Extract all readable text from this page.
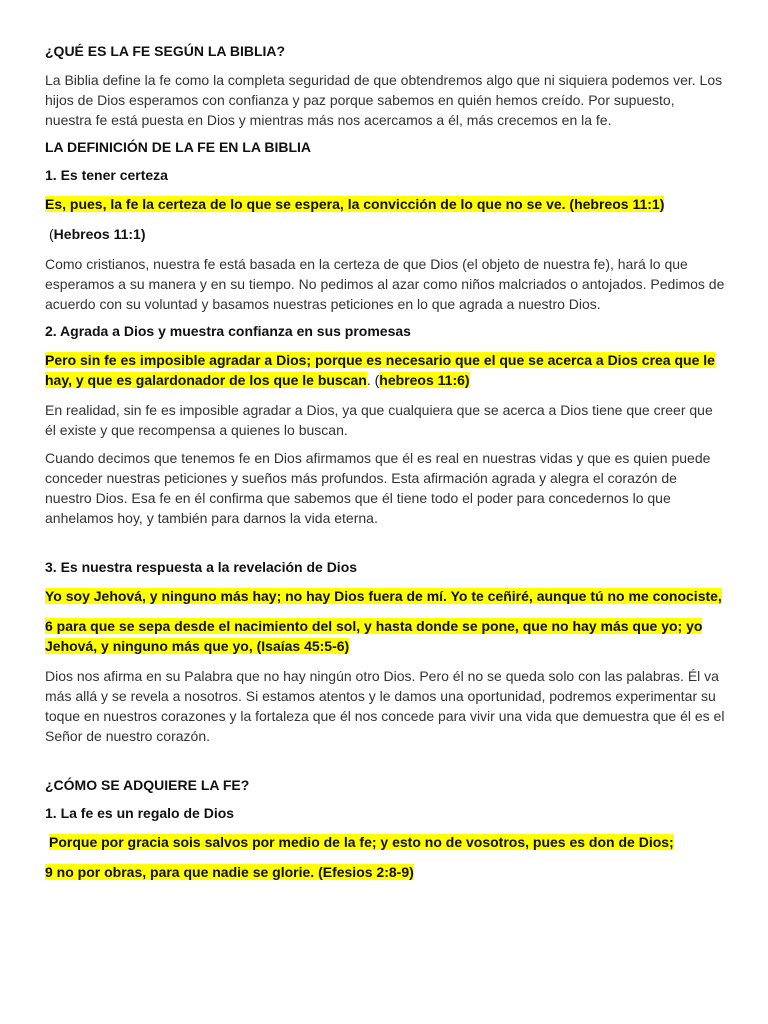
¿QUÉ ES LA FE SEGÚN LA BIBLIA?
La Biblia define la fe como la completa seguridad de que obtendremos algo que ni siquiera podemos ver. Los hijos de Dios esperamos con confianza y paz porque sabemos en quién hemos creído. Por supuesto, nuestra fe está puesta en Dios y mientras más nos acercamos a él, más crecemos en la fe.
LA DEFINICIÓN DE LA FE EN LA BIBLIA
1. Es tener certeza
Es, pues, la fe la certeza de lo que se espera, la convicción de lo que no se ve. (hebreos 11:1)
(Hebreos 11:1)
Como cristianos, nuestra fe está basada en la certeza de que Dios (el objeto de nuestra fe), hará lo que esperamos a su manera y en su tiempo. No pedimos al azar como niños malcriados o antojados. Pedimos de acuerdo con su voluntad y basamos nuestras peticiones en lo que agrada a nuestro Dios.
2. Agrada a Dios y muestra confianza en sus promesas
Pero sin fe es imposible agradar a Dios; porque es necesario que el que se acerca a Dios crea que le hay, y que es galardonador de los que le buscan. (hebreos 11:6)
En realidad, sin fe es imposible agradar a Dios, ya que cualquiera que se acerca a Dios tiene que creer que él existe y que recompensa a quienes lo buscan.
Cuando decimos que tenemos fe en Dios afirmamos que él es real en nuestras vidas y que es quien puede conceder nuestras peticiones y sueños más profundos. Esta afirmación agrada y alegra el corazón de nuestro Dios. Esa fe en él confirma que sabemos que él tiene todo el poder para concedernos lo que anhelamos hoy, y también para darnos la vida eterna.
3. Es nuestra respuesta a la revelación de Dios
Yo soy Jehová, y ninguno más hay; no hay Dios fuera de mí. Yo te ceñiré, aunque tú no me conociste,
6 para que se sepa desde el nacimiento del sol, y hasta donde se pone, que no hay más que yo; yo Jehová, y ninguno más que yo, (Isaías 45:5-6)
Dios nos afirma en su Palabra que no hay ningún otro Dios. Pero él no se queda solo con las palabras. Él va más allá y se revela a nosotros. Si estamos atentos y le damos una oportunidad, podremos experimentar su toque en nuestros corazones y la fortaleza que él nos concede para vivir una vida que demuestra que él es el Señor de nuestro corazón.
¿CÓMO SE ADQUIERE LA FE?
1. La fe es un regalo de Dios
Porque por gracia sois salvos por medio de la fe; y esto no de vosotros, pues es don de Dios;
9 no por obras, para que nadie se glorie. (Efesios 2:8-9)
